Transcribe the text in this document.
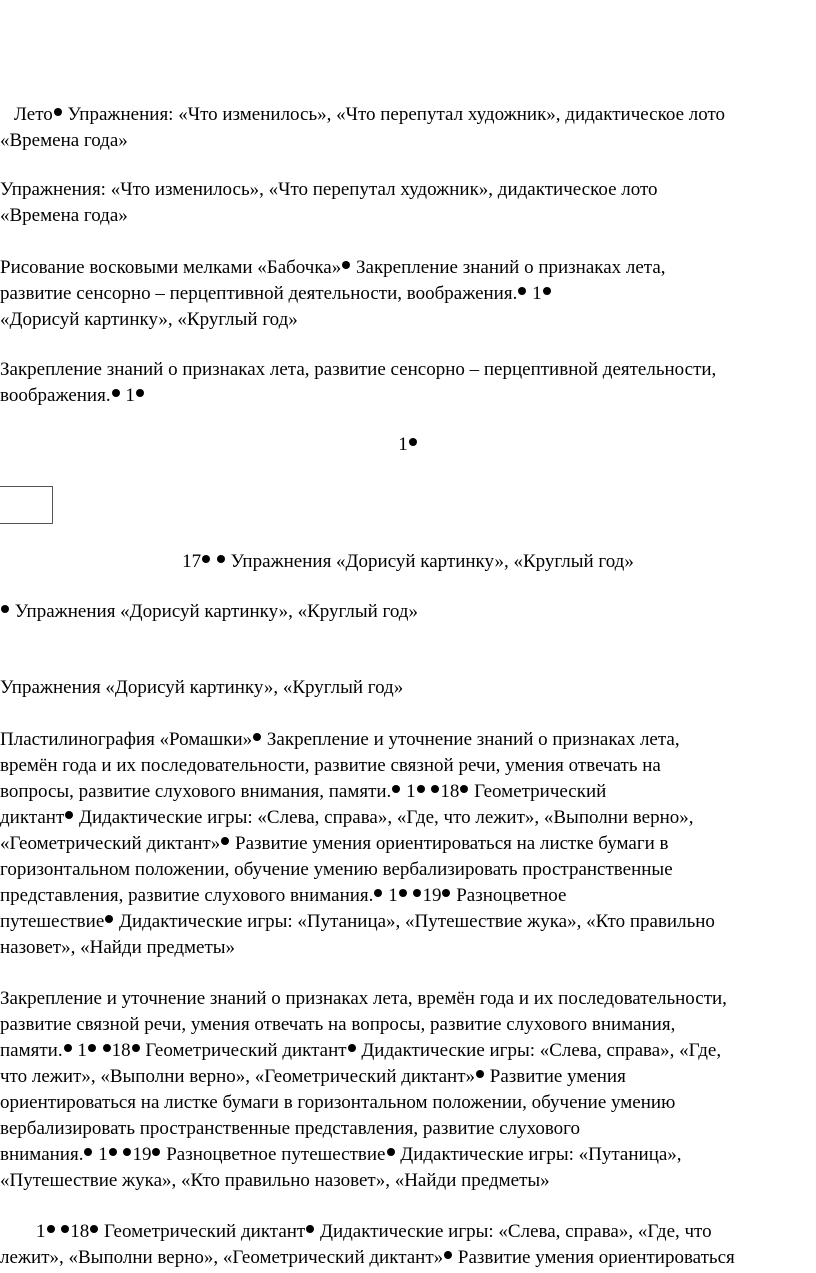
Лето Упражнения: «Что изменилось», «Что перепутал художник», дидактическое лото
«Времена года»
Упражнения: «Что изменилось», «Что перепутал художник», дидактическое лото
«Времена года»
Рисование восковыми мелками «Бабочка» Закрепление знаний о признаках лета,
развитие сенсорно – перцептивной деятельности, воображения. 1
«Дорисуй картинку», «Круглый год»
Закрепление знаний о признаках лета, развитие сенсорно – перцептивной деятельности,
воображения. 1
1
17  Упражнения «Дорисуй картинку», «Круглый год»
Упражнения «Дорисуй картинку», «Круглый год»
Упражнения «Дорисуй картинку», «Круглый год»
Пластилинография «Ромашки» Закрепление и уточнение знаний о признаках лета,
времён года и их последовательности, развитие связной речи, умения отвечать на
вопросы, развитие слухового внимания, памяти. 1 18 Геометрический
диктант Дидактические игры: «Слева, справа», «Где, что лежит», «Выполни верно»,
«Геометрический диктант» Развитие умения ориентироваться на листке бумаги в
горизонтальном положении, обучение умению вербализировать пространственные
представления, развитие слухового внимания. 1 19 Разноцветное
путешествие Дидактические игры: «Путаница», «Путешествие жука», «Кто правильно
назовет», «Найди предметы»
Закрепление и уточнение знаний о признаках лета, времён года и их последовательности,
развитие связной речи, умения отвечать на вопросы, развитие слухового внимания,
памяти. 1 18 Геометрический диктант Дидактические игры: «Слева, справа», «Где,
что лежит», «Выполни верно», «Геометрический диктант» Развитие умения
ориентироваться на листке бумаги в горизонтальном положении, обучение умению
вербализировать пространственные представления, развитие слухового
внимания. 1 19 Разноцветное путешествие Дидактические игры: «Путаница»,
«Путешествие жука», «Кто правильно назовет», «Найди предметы»
1 18 Геометрический диктант Дидактические игры: «Слева, справа», «Где, что
лежит», «Выполни верно», «Геометрический диктант» Развитие умения ориентироваться
